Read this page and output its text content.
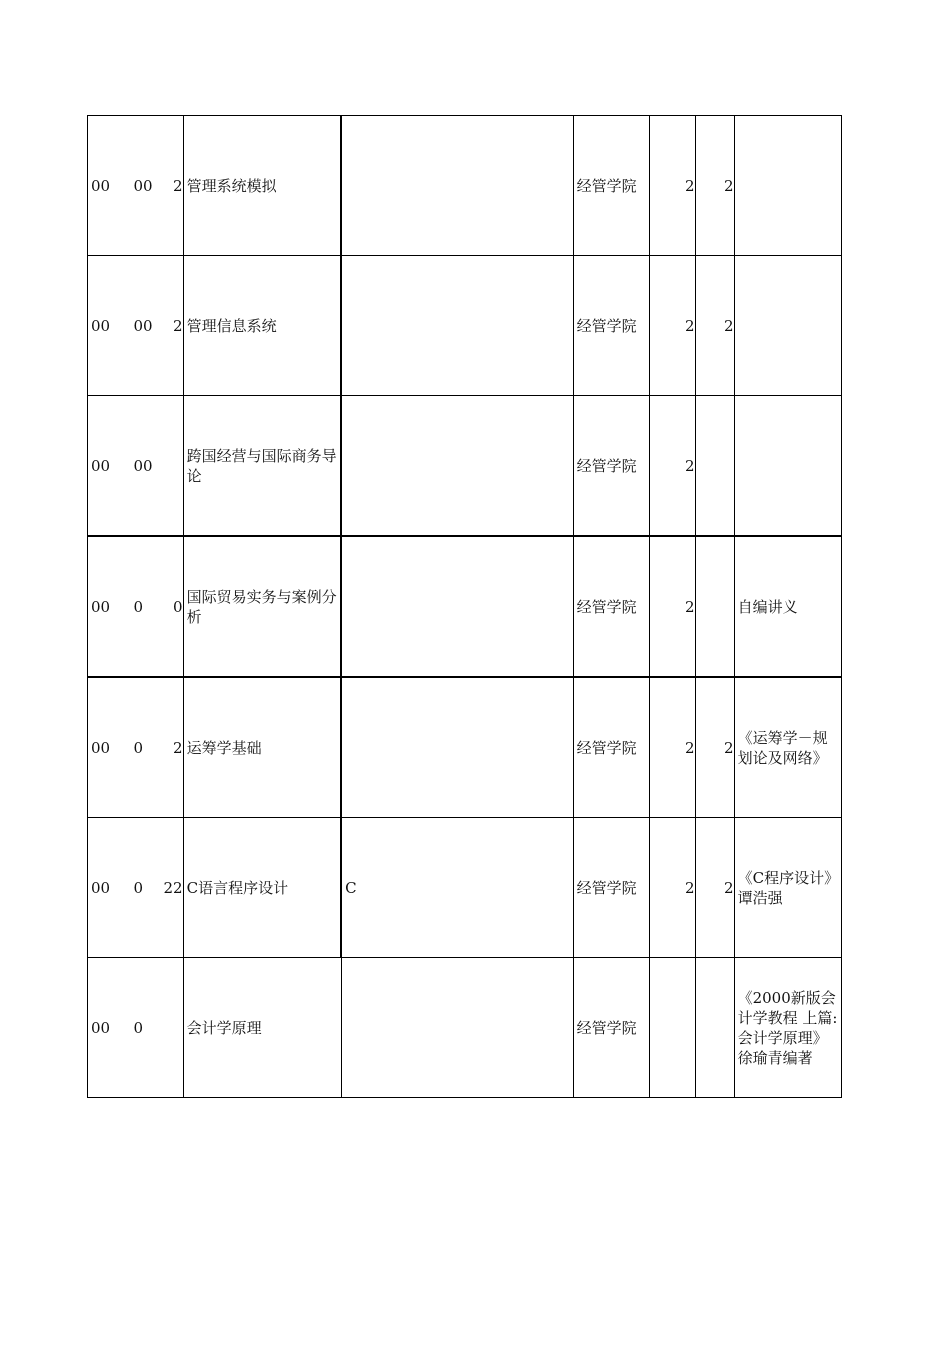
00	00	2	管理系统模拟		经管学院	2	2	
00	00	2	管理信息系统		经管学院	2	2	
00	00		跨国经营与国际商务导论		经管学院	2		
00	0	0	国际贸易实务与案例分析		经管学院	2		自编讲义
00	0	2	运筹学基础		经管学院	2	2	《运筹学－规划论及网络》
00	0	22	C语言程序设计	C	经管学院	2	2	《C程序设计》谭浩强
00	0		会计学原理		经管学院			《2000新版会计学教程 上篇:会计学原理》徐瑜青编著
